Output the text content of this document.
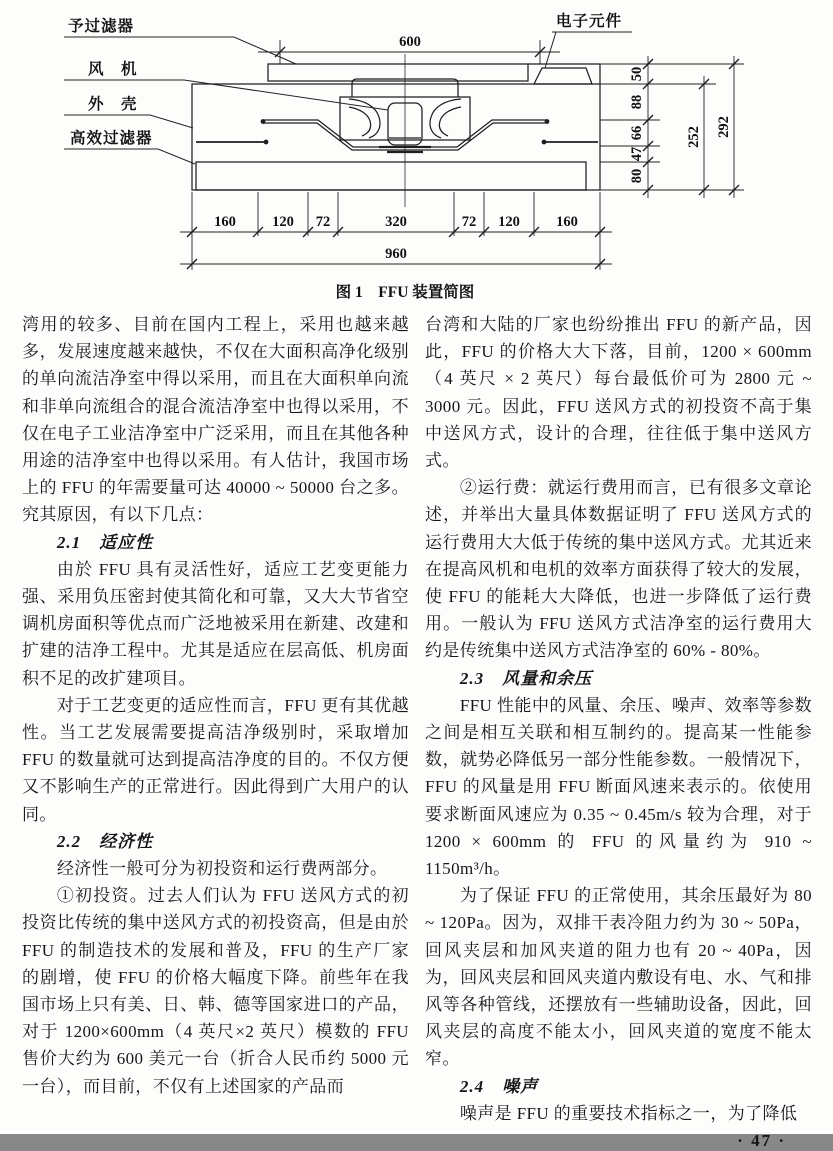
予过滤器
风　机
外　壳
高效过滤器
电子元件
600
50
88
66
47
80
252 292
160	120 72	320	72 120	160
960
图 1　FFU 装置简图

湾用的较多、目前在国内工程上，采用也越来越多，发展速度越来越快，不仅在大面积高净化级别的单向流洁净室中得以采用，而且在大面积单向流和非单向流组合的混合流洁净室中也得以采用，不仅在电子工业洁净室中广泛采用，而且在其他各种用途的洁净室中也得以采用。有人估计，我国市场上的 FFU 的年需要量可达 40000 ~ 50000 台之多。究其原因，有以下几点：

2.1　适应性

由於 FFU 具有灵活性好，适应工艺变更能力强、采用负压密封使其简化和可靠，又大大节省空调机房面积等优点而广泛地被采用在新建、改建和扩建的洁净工程中。尤其是适应在层高低、机房面积不足的改扩建项目。

对于工艺变更的适应性而言，FFU 更有其优越性。当工艺发展需要提高洁净级别时，采取增加 FFU 的数量就可达到提高洁净度的目的。不仅方便又不影响生产的正常进行。因此得到广大用户的认同。

2.2　经济性

经济性一般可分为初投资和运行费两部分。

①初投资。过去人们认为 FFU 送风方式的初投资比传统的集中送风方式的初投资高，但是由於 FFU 的制造技术的发展和普及，FFU 的生产厂家的剧增，使 FFU 的价格大幅度下降。前些年在我国市场上只有美、日、韩、德等国家进口的产品，对于 1200×600mm（4 英尺×2 英尺）模数的 FFU 售价大约为 600 美元一台（折合人民币约 5000 元一台），而目前，不仅有上述国家的产品而

台湾和大陆的厂家也纷纷推出 FFU 的新产品，因此，FFU 的价格大大下落，目前，1200 × 600mm（4 英尺 × 2 英尺）每台最低价可为 2800 元 ~ 3000 元。因此，FFU 送风方式的初投资不高于集中送风方式，设计的合理，往往低于集中送风方式。

②运行费：就运行费用而言，已有很多文章论述，并举出大量具体数据证明了 FFU 送风方式的运行费用大大低于传统的集中送风方式。尤其近来在提高风机和电机的效率方面获得了较大的发展，使 FFU 的能耗大大降低，也进一步降低了运行费用。一般认为 FFU 送风方式洁净室的运行费用大约是传统集中送风方式洁净室的 60% - 80%。

2.3　风量和余压

FFU 性能中的风量、余压、噪声、效率等参数之间是相互关联和相互制约的。提高某一性能参数，就势必降低另一部分性能参数。一般情况下，FFU 的风量是用 FFU 断面风速来表示的。依使用要求断面风速应为 0.35 ~ 0.45m/s 较为合理，对于 1200 × 600mm 的 FFU 的风量约为 910 ~ 1150m³/h。

为了保证 FFU 的正常使用，其余压最好为 80 ~ 120Pa。因为，双排干表冷阻力约为 30 ~ 50Pa，回风夹层和加风夹道的阻力也有 20 ~ 40Pa，因为，回风夹层和回风夹道内敷设有电、水、气和排风等各种管线，还摆放有一些辅助设备，因此，回风夹层的高度不能太小，回风夹道的宽度不能太窄。

2.4　噪声

噪声是 FFU 的重要技术指标之一，为了降低

· 47 ·
